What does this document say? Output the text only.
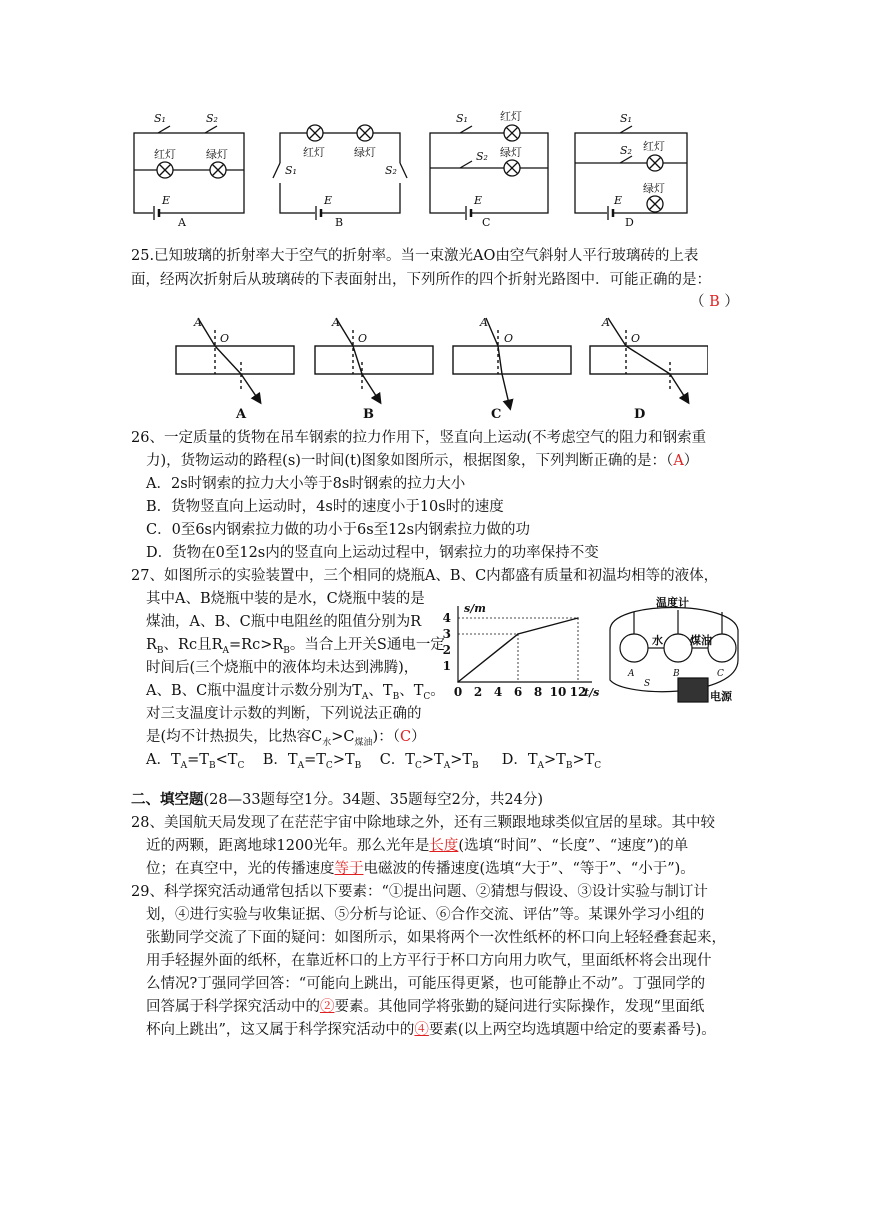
S₁	S₂
红灯	绿灯
E
A
红灯	绿灯
S₁	S₂
E
B
S₁	红灯
S₂ 绿灯
E
C
S₁
S₂ 红灯
绿灯
E
D
25.已知玻璃的折射率大于空气的折射率。当一束激光AO由空气斜射人平行玻璃砖的上表
面，经两次折射后从玻璃砖的下表面射出，下列所作的四个折射光路图中．可能正确的是：
（ B ）
A
O
A
O
A
O
A
O
A	B	C	D
26、一定质量的货物在吊车钢索的拉力作用下，竖直向上运动(不考虑空气的阻力和钢索重
力)，货物运动的路程(s)一时间(t)图象如图所示，根据图象，下列判断正确的是：（A）
A．2s时钢索的拉力大小等于8s时钢索的拉力大小
B．货物竖直向上运动时，4s时的速度小于10s时的速度
C．0至6s内钢索拉力做的功小于6s至12s内钢索拉力做的功
D．货物在0至12s内的竖直向上运动过程中，钢索拉力的功率保持不变
27、如图所示的实验装置中，三个相同的烧瓶A、B、C内都盛有质量和初温均相等的液体，
其中A、B烧瓶中装的是水，C烧瓶中装的是
煤油，A、B、C瓶中电阻丝的阻值分别为R
$R_B$、Rc且$R_A=Rc>R_B$。当合上开关S通电一定
时间后(三个烧瓶中的液体均未达到沸腾)，
A、B、C瓶中温度计示数分别为$T_A$、$T_B$、$T_C$。
对三支温度计示数的判断，下列说法正确的
是(均不计热损失，比热容$C_水>C_{煤油}$)：（C）
A．$T_A=T_B<T_C$ B．$T_A=T_C>T_B$ C．$T_C>T_A>T_B$ D．$T_A>T_B>T_C$
0 2 4 6 8 10 12
1
2
3
4
s/m
t/s
温度计
水 煤油
A	B	C
S
电源
二、填空题(28—33题每空1分。34题、35题每空2分，共24分)
28、美国航天局发现了在茫茫宇宙中除地球之外，还有三颗跟地球类似宜居的星球。其中较
近的两颗，距离地球1200光年。那么光年是长度(选填“时间”、“长度”、“速度”)的单
位；在真空中，光的传播速度等于电磁波的传播速度(选填“大于”、“等于”、“小于”)。
29、科学探究活动通常包括以下要素：“①提出问题、②猜想与假设、③设计实验与制订计
划，④进行实验与收集证据、⑤分析与论证、⑥合作交流、评估”等。某课外学习小组的
张勤同学交流了下面的疑问：如图所示，如果将两个一次性纸杯的杯口向上轻轻叠套起来，
用手轻握外面的纸杯，在靠近杯口的上方平行于杯口方向用力吹气，里面纸杯将会出现什
么情况?丁强同学回答：“可能向上跳出，可能压得更紧，也可能静止不动”。丁强同学的
回答属于科学探究活动中的②要素。其他同学将张勤的疑问进行实际操作，发现“里面纸
杯向上跳出”，这又属于科学探究活动中的④要素(以上两空均选填题中给定的要素番号)。
